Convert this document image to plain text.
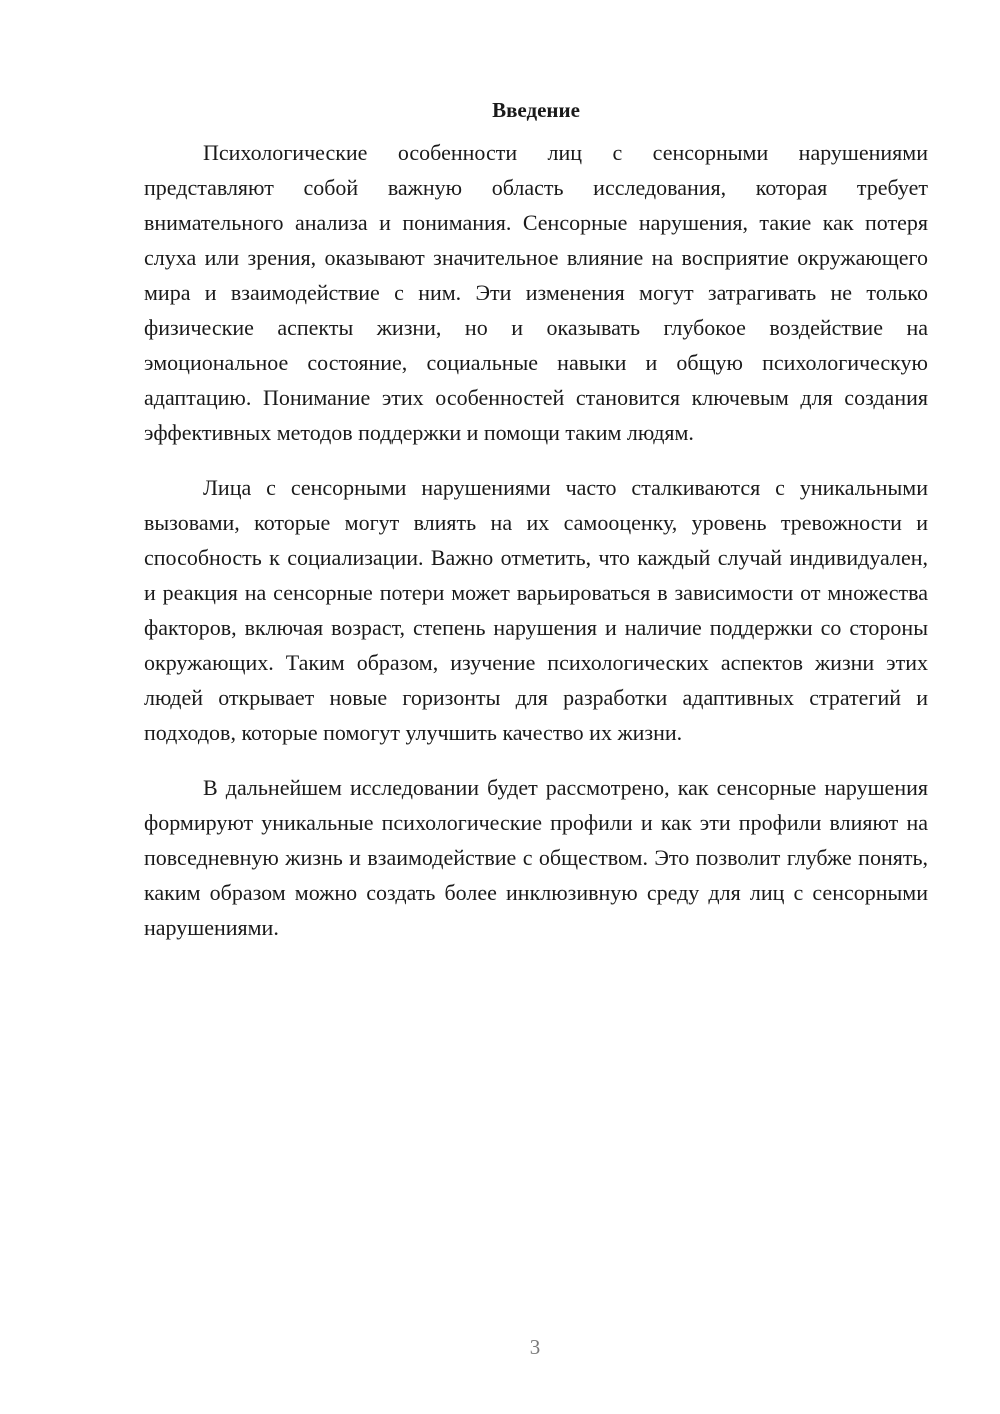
Введение

Психологические особенности лиц с сенсорными нарушениями представляют собой важную область исследования, которая требует внимательного анализа и понимания. Сенсорные нарушения, такие как потеря слуха или зрения, оказывают значительное влияние на восприятие окружающего мира и взаимодействие с ним. Эти изменения могут затрагивать не только физические аспекты жизни, но и оказывать глубокое воздействие на эмоциональное состояние, социальные навыки и общую психологическую адаптацию. Понимание этих особенностей становится ключевым для создания эффективных методов поддержки и помощи таким людям.

Лица с сенсорными нарушениями часто сталкиваются с уникальными вызовами, которые могут влиять на их самооценку, уровень тревожности и способность к социализации. Важно отметить, что каждый случай индивидуален, и реакция на сенсорные потери может варьироваться в зависимости от множества факторов, включая возраст, степень нарушения и наличие поддержки со стороны окружающих. Таким образом, изучение психологических аспектов жизни этих людей открывает новые горизонты для разработки адаптивных стратегий и подходов, которые помогут улучшить качество их жизни.

В дальнейшем исследовании будет рассмотрено, как сенсорные нарушения формируют уникальные психологические профили и как эти профили влияют на повседневную жизнь и взаимодействие с обществом. Это позволит глубже понять, каким образом можно создать более инклюзивную среду для лиц с сенсорными нарушениями.

3
